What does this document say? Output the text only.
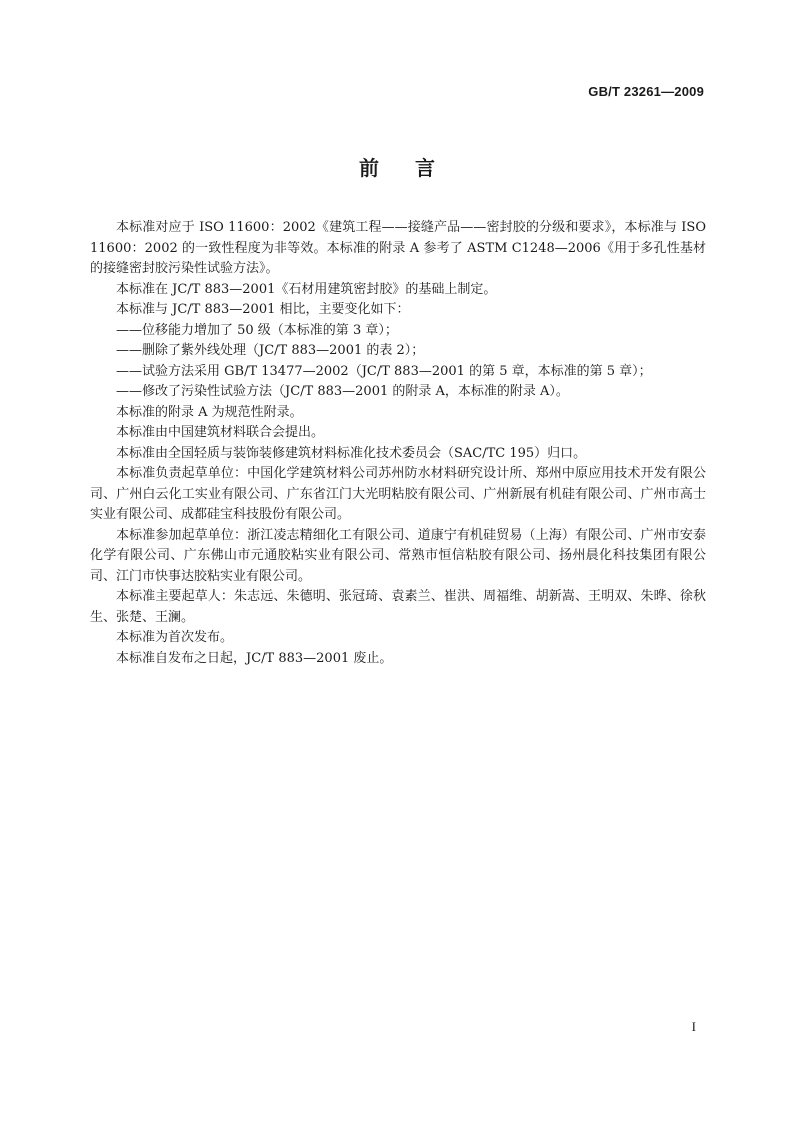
GB/T 23261—2009
前言

本标准对应于 ISO 11600：2002《建筑工程——接缝产品——密封胶的分级和要求》，本标准与 ISO 11600：2002 的一致性程度为非等效。本标准的附录 A 参考了 ASTM C1248—2006《用于多孔性基材的接缝密封胶污染性试验方法》。

本标准在 JC/T 883—2001《石材用建筑密封胶》的基础上制定。

本标准与 JC/T 883—2001 相比，主要变化如下：

——位移能力增加了 50 级（本标准的第 3 章）；

——删除了紫外线处理（JC/T 883—2001 的表 2）；

——试验方法采用 GB/T 13477—2002（JC/T 883—2001 的第 5 章，本标准的第 5 章）；

——修改了污染性试验方法（JC/T 883—2001 的附录 A，本标准的附录 A）。

本标准的附录 A 为规范性附录。

本标准由中国建筑材料联合会提出。

本标准由全国轻质与装饰装修建筑材料标准化技术委员会（SAC/TC 195）归口。

本标准负责起草单位：中国化学建筑材料公司苏州防水材料研究设计所、郑州中原应用技术开发有限公司、广州白云化工实业有限公司、广东省江门大光明粘胶有限公司、广州新展有机硅有限公司、广州市高士实业有限公司、成都硅宝科技股份有限公司。

本标准参加起草单位：浙江凌志精细化工有限公司、道康宁有机硅贸易（上海）有限公司、广州市安泰化学有限公司、广东佛山市元通胶粘实业有限公司、常熟市恒信粘胶有限公司、扬州晨化科技集团有限公司、江门市快事达胶粘实业有限公司。

本标准主要起草人：朱志远、朱德明、张冠琦、袁素兰、崔洪、周福维、胡新嵩、王明双、朱晔、徐秋生、张楚、王澜。

本标准为首次发布。

本标准自发布之日起，JC/T 883—2001 废止。

I
